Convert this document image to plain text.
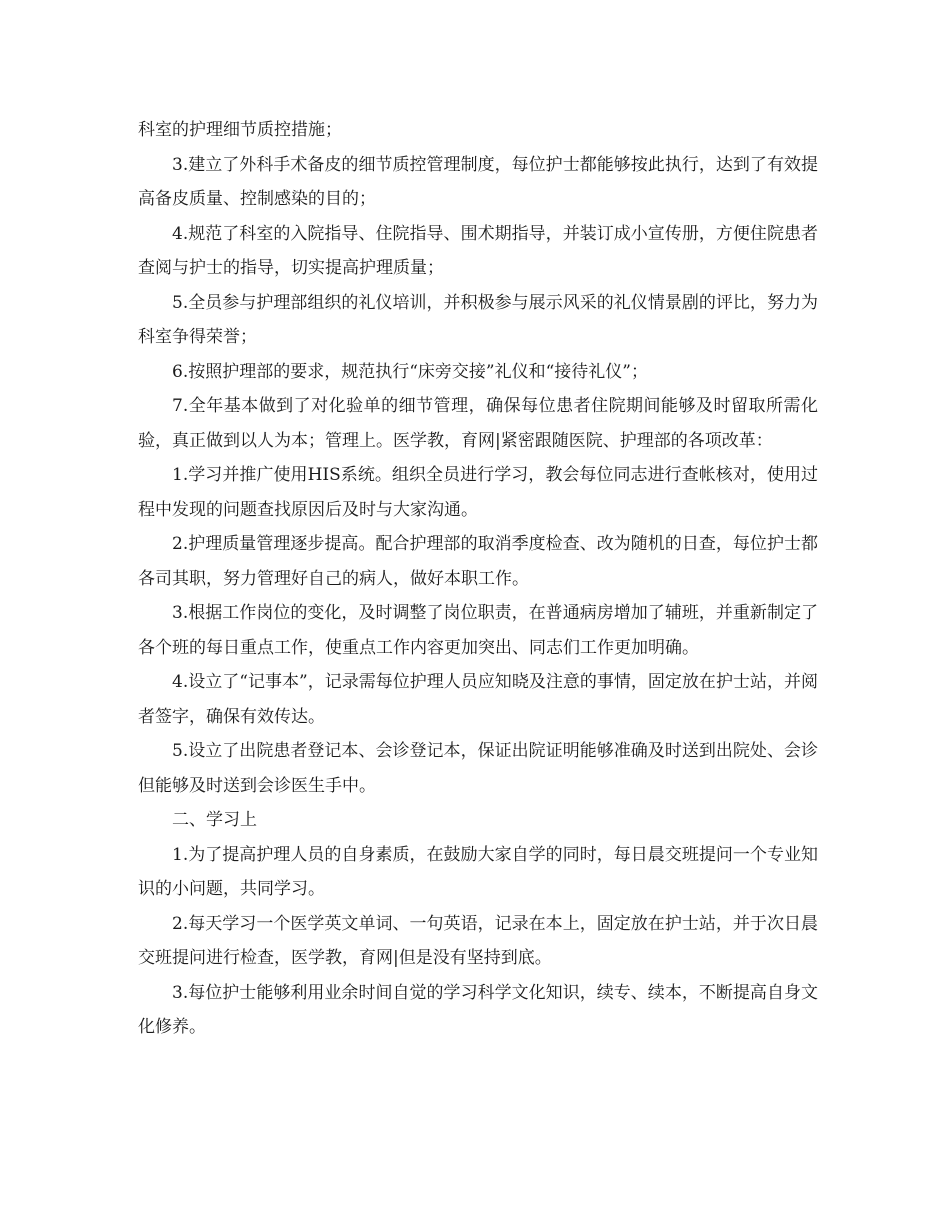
科室的护理细节质控措施；

3.建立了外科手术备皮的细节质控管理制度，每位护士都能够按此执行，达到了有效提高备皮质量、控制感染的目的；

4.规范了科室的入院指导、住院指导、围术期指导，并装订成小宣传册，方便住院患者查阅与护士的指导，切实提高护理质量；

5.全员参与护理部组织的礼仪培训，并积极参与展示风采的礼仪情景剧的评比，努力为科室争得荣誉；

6.按照护理部的要求，规范执行“床旁交接”礼仪和“接待礼仪”；

7.全年基本做到了对化验单的细节管理，确保每位患者住院期间能够及时留取所需化验，真正做到以人为本；管理上。医学教，育网|紧密跟随医院、护理部的各项改革：

1.学习并推广使用HIS系统。组织全员进行学习，教会每位同志进行查帐核对，使用过程中发现的问题查找原因后及时与大家沟通。

2.护理质量管理逐步提高。配合护理部的取消季度检查、改为随机的日查，每位护士都各司其职，努力管理好自己的病人，做好本职工作。

3.根据工作岗位的变化，及时调整了岗位职责，在普通病房增加了辅班，并重新制定了各个班的每日重点工作，使重点工作内容更加突出、同志们工作更加明确。

4.设立了“记事本”，记录需每位护理人员应知晓及注意的事情，固定放在护士站，并阅者签字，确保有效传达。

5.设立了出院患者登记本、会诊登记本，保证出院证明能够准确及时送到出院处、会诊但能够及时送到会诊医生手中。

二、学习上

1.为了提高护理人员的自身素质，在鼓励大家自学的同时，每日晨交班提问一个专业知识的小问题，共同学习。

2.每天学习一个医学英文单词、一句英语，记录在本上，固定放在护士站，并于次日晨交班提问进行检查，医学教，育网|但是没有坚持到底。

3.每位护士能够利用业余时间自觉的学习科学文化知识，续专、续本，不断提高自身文化修养。
